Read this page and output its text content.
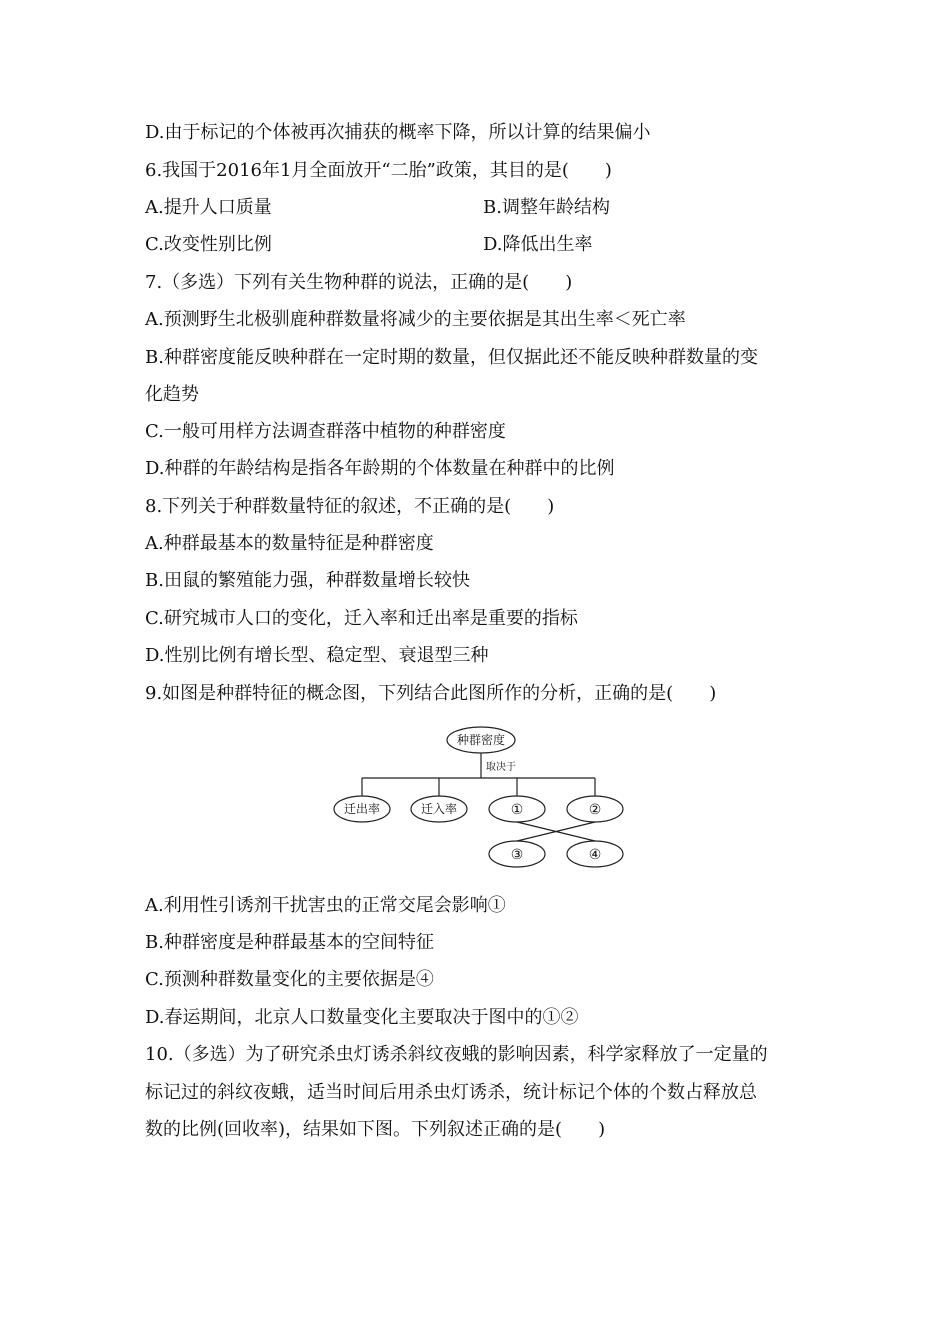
D.由于标记的个体被再次捕获的概率下降，所以计算的结果偏小
6.我国于2016年1月全面放开“二胎”政策，其目的是(　　)
A.提升人口质量	B.调整年龄结构
C.改变性别比例	D.降低出生率
7.（多选）下列有关生物种群的说法，正确的是(　　)
A.预测野生北极驯鹿种群数量将减少的主要依据是其出生率＜死亡率
B.种群密度能反映种群在一定时期的数量，但仅据此还不能反映种群数量的变
化趋势
C.一般可用样方法调查群落中植物的种群密度
D.种群的年龄结构是指各年龄期的个体数量在种群中的比例
8.下列关于种群数量特征的叙述，不正确的是(　　)
A.种群最基本的数量特征是种群密度
B.田鼠的繁殖能力强，种群数量增长较快
C.研究城市人口的变化，迁入率和迁出率是重要的指标
D.性别比例有增长型、稳定型、衰退型三种
9.如图是种群特征的概念图，下列结合此图所作的分析，正确的是(　　)
种群密度
取决于
迁出率	迁入率	①	②
③	④
A.利用性引诱剂干扰害虫的正常交尾会影响①
B.种群密度是种群最基本的空间特征
C.预测种群数量变化的主要依据是④
D.春运期间，北京人口数量变化主要取决于图中的①②
10.（多选）为了研究杀虫灯诱杀斜纹夜蛾的影响因素，科学家释放了一定量的
标记过的斜纹夜蛾，适当时间后用杀虫灯诱杀，统计标记个体的个数占释放总
数的比例(回收率)，结果如下图。下列叙述正确的是(　　)
